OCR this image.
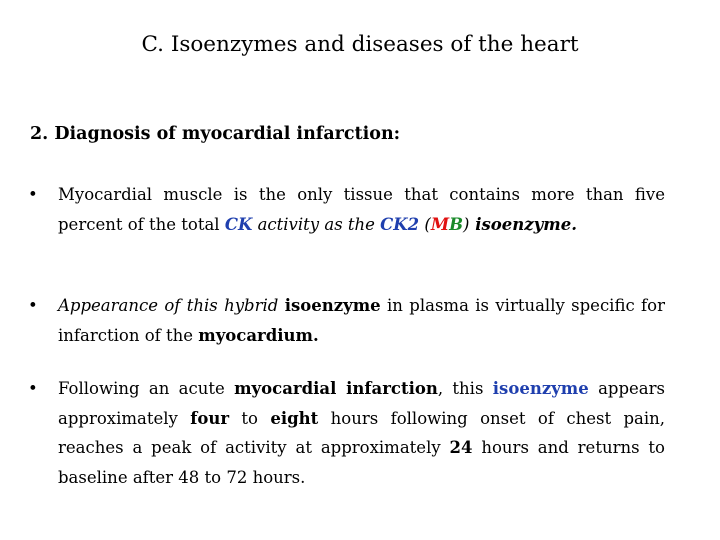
C. Isoenzymes and diseases of the heart
2. Diagnosis of myocardial infarction:
•	Myocardial muscle is the only tissue that contains more than five percent of the total CK activity as the CK2 (MB) isoenzyme.
•	Appearance of this hybrid isoenzyme in plasma is virtually specific for infarction of the myocardium.
•	Following an acute myocardial infarction, this isoenzyme appears approximately four to eight hours following onset of chest pain, reaches a peak of activity at approximately 24 hours and returns to baseline after 48 to 72 hours.
